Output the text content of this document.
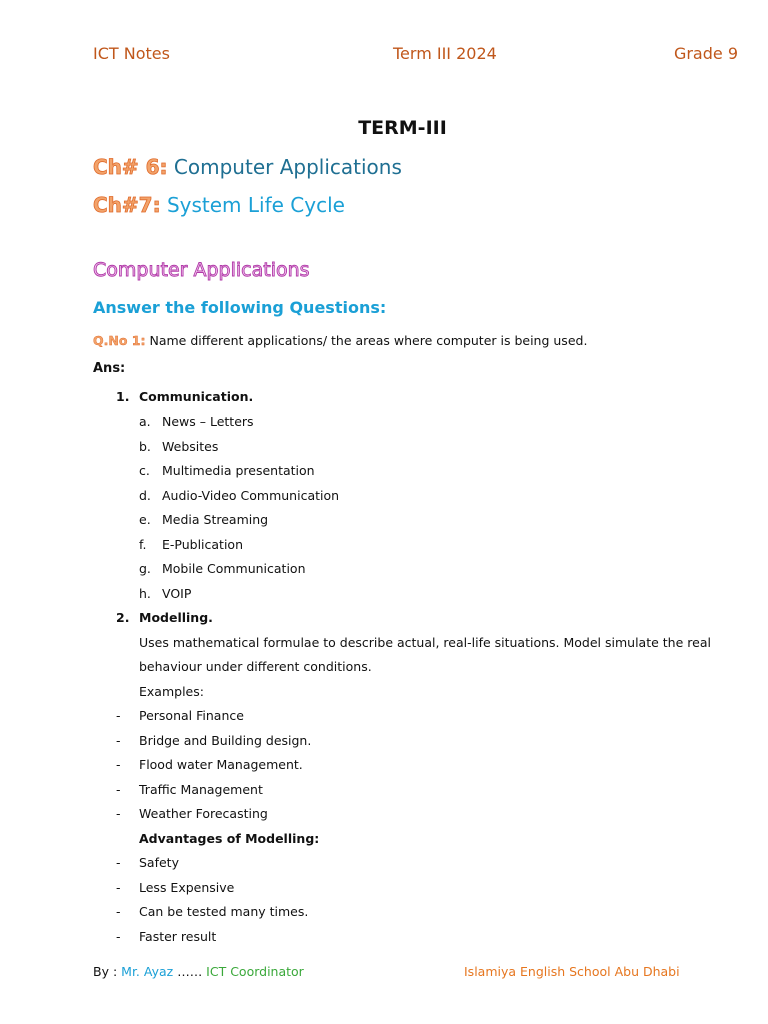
ICT Notes	Term III 2024	Grade 9
TERM-III
Ch# 6: Computer Applications
Ch#7: System Life Cycle
Computer Applications
Answer the following Questions:
Q.No 1: Name different applications/ the areas where computer is being used.
Ans:
1. Communication.
a. News – Letters
b. Websites
c. Multimedia presentation
d. Audio-Video Communication
e. Media Streaming
f. E-Publication
g. Mobile Communication
h. VOIP
2. Modelling.
Uses mathematical formulae to describe actual, real-life situations. Model simulate the real
behaviour under different conditions.
Examples:
- Personal Finance
- Bridge and Building design.
- Flood water Management.
- Traffic Management
- Weather Forecasting
Advantages of Modelling:
- Safety
- Less Expensive
- Can be tested many times.
- Faster result
By : Mr. Ayaz …… ICT Coordinator	Islamiya English School Abu Dhabi
